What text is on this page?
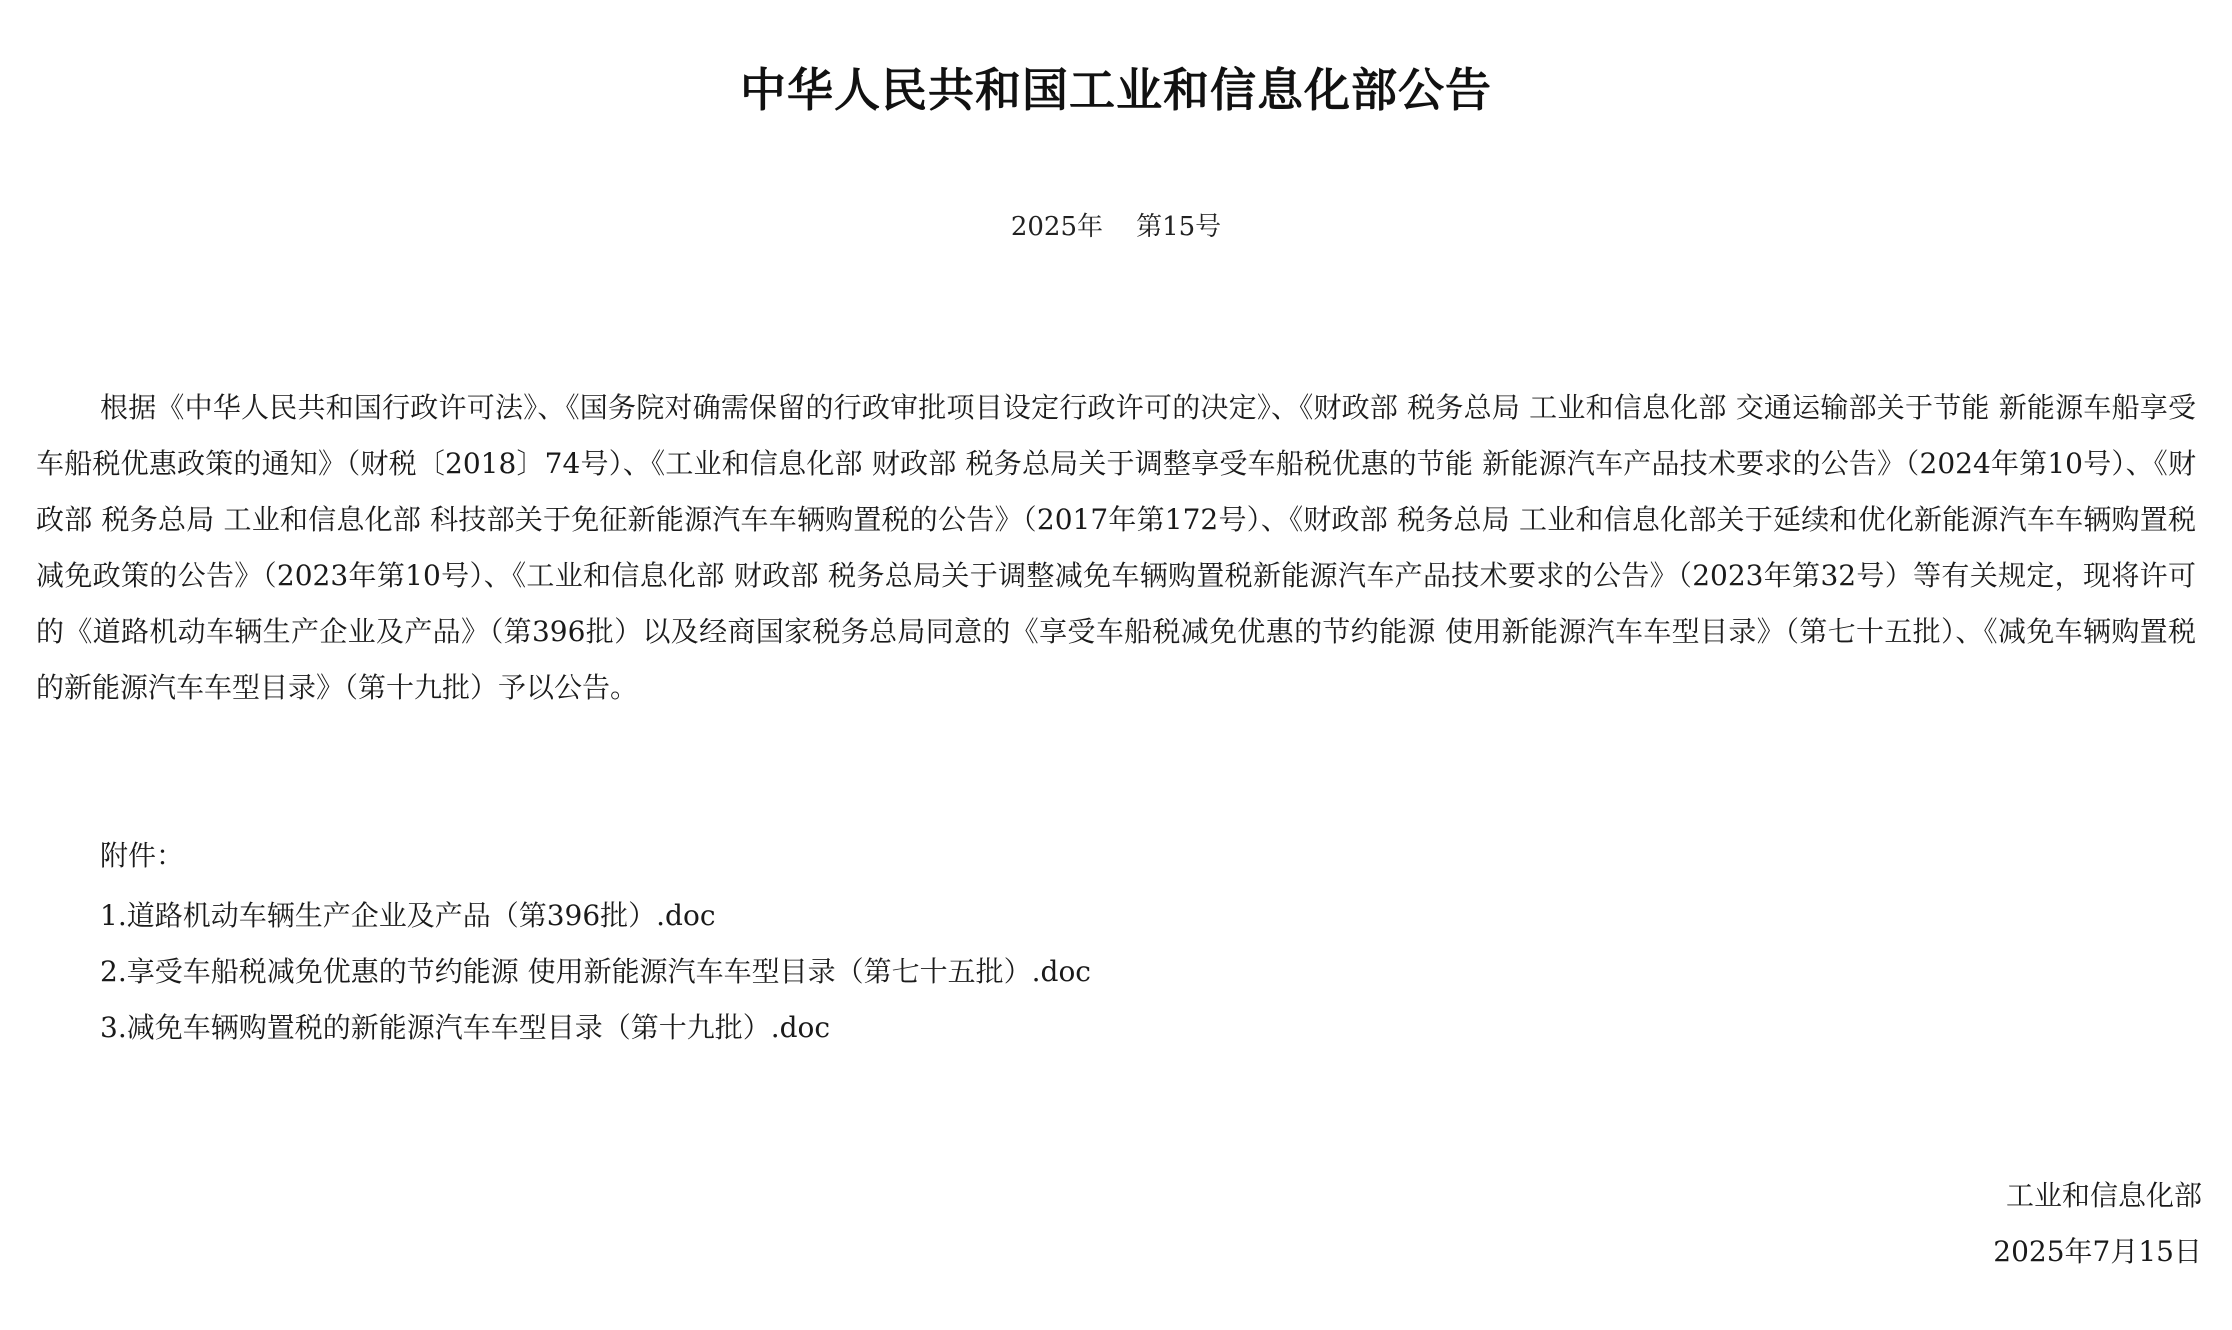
中华人民共和国工业和信息化部公告
2025年    第15号

根据《中华人民共和国行政许可法》、《国务院对确需保留的行政审批项目设定行政许可的决定》、《财政部 税务总局 工业和信息化部 交通运输部关于节能 新能源车船享受车船税优惠政策的通知》（财税〔2018〕74号）、《工业和信息化部 财政部 税务总局关于调整享受车船税优惠的节能 新能源汽车产品技术要求的公告》（2024年第10号）、《财政部 税务总局 工业和信息化部 科技部关于免征新能源汽车车辆购置税的公告》（2017年第172号）、《财政部 税务总局 工业和信息化部关于延续和优化新能源汽车车辆购置税减免政策的公告》（2023年第10号）、《工业和信息化部 财政部 税务总局关于调整减免车辆购置税新能源汽车产品技术要求的公告》（2023年第32号）等有关规定，现将许可的《道路机动车辆生产企业及产品》（第396批）以及经商国家税务总局同意的《享受车船税减免优惠的节约能源 使用新能源汽车车型目录》（第七十五批）、《减免车辆购置税的新能源汽车车型目录》（第十九批）予以公告。

附件：
1.道路机动车辆生产企业及产品（第396批）.doc
2.享受车船税减免优惠的节约能源 使用新能源汽车车型目录（第七十五批）.doc
3.减免车辆购置税的新能源汽车车型目录（第十九批）.doc
工业和信息化部
2025年7月15日
